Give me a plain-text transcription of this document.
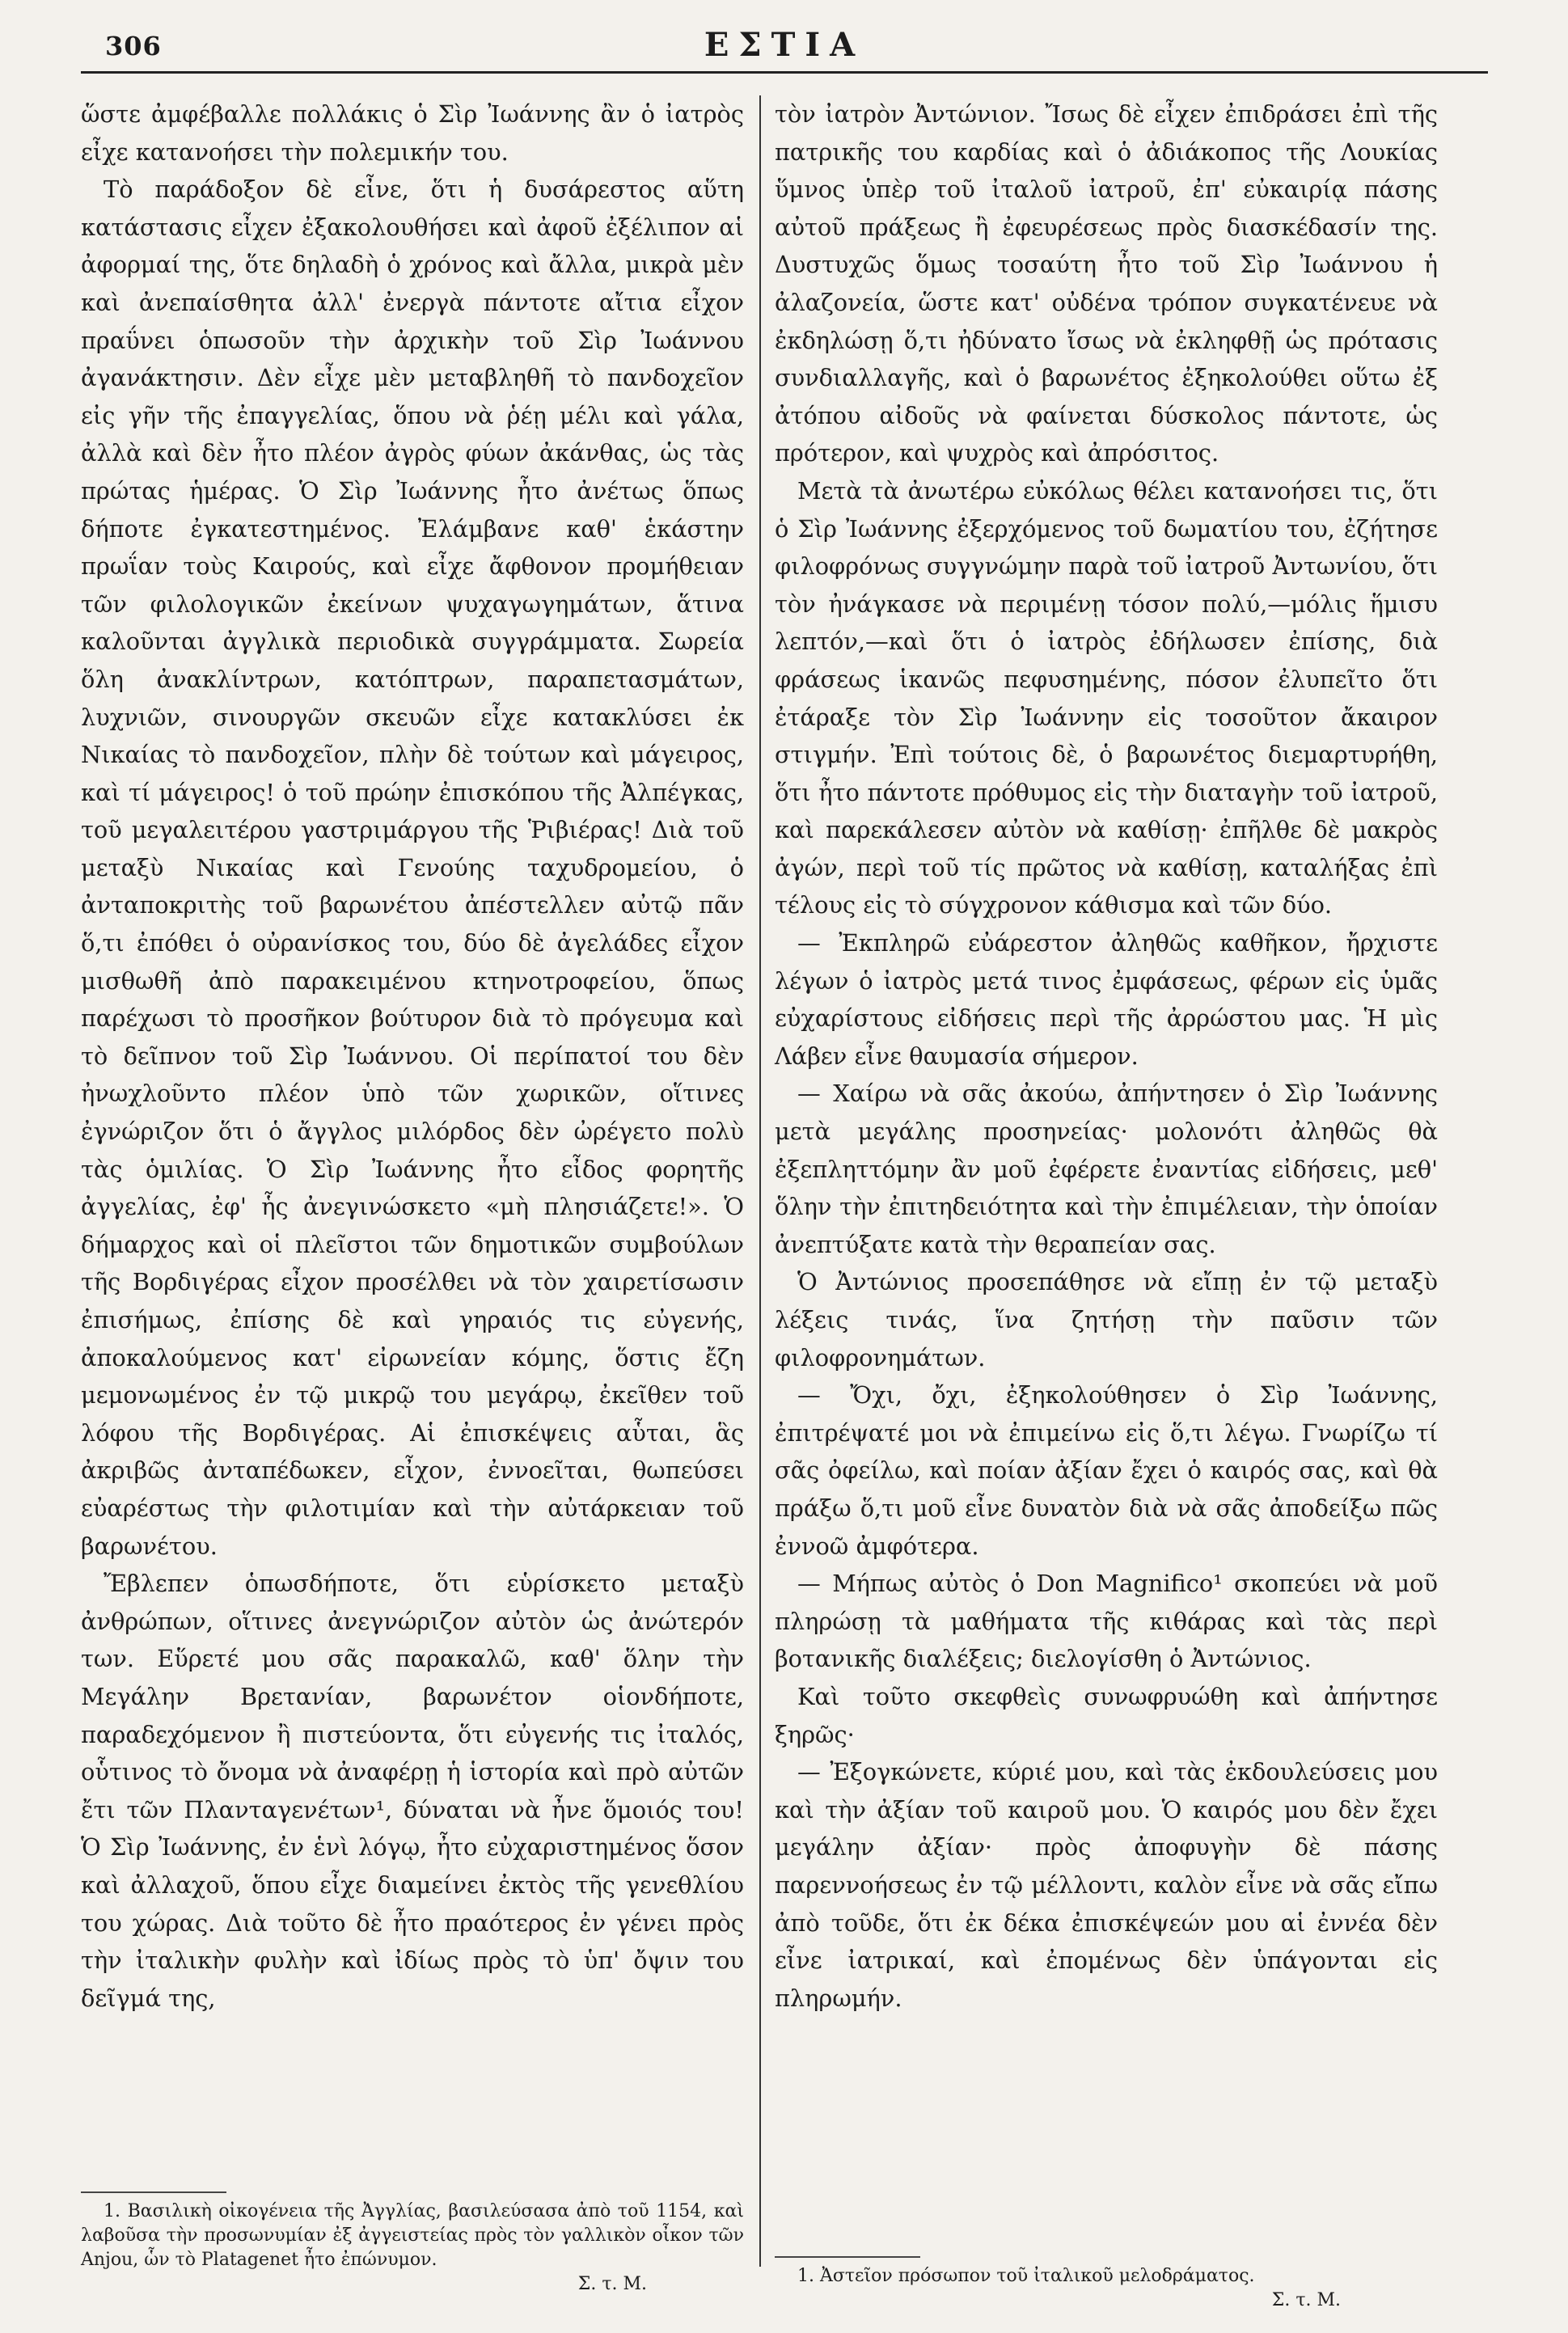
306	ΕΣΤΙΑ

ὥστε ἀμφέβαλλε πολλάκις ὁ Σὶρ Ἰωάννης ἂν ὁ ἰατρὸς εἶχε κατανοήσει τὴν πολεμικήν του.

Τὸ παράδοξον δὲ εἶνε, ὅτι ἡ δυσάρεστος αὕτη κατάστασις εἶχεν ἐξακολουθήσει καὶ ἀφοῦ ἐξέλιπον αἱ ἀφορμαί της, ὅτε δηλαδὴ ὁ χρόνος καὶ ἄλλα, μικρὰ μὲν καὶ ἀνεπαίσθητα ἀλλ' ἐνεργὰ πάντοτε αἴτια εἶχον πραΰνει ὁπωσοῦν τὴν ἀρχικὴν τοῦ Σὶρ Ἰωάννου ἀγανάκτησιν. Δὲν εἶχε μὲν μεταβληθῆ τὸ πανδοχεῖον εἰς γῆν τῆς ἐπαγγελίας, ὅπου νὰ ῥέῃ μέλι καὶ γάλα, ἀλλὰ καὶ δὲν ἦτο πλέον ἀγρὸς φύων ἀκάνθας, ὡς τὰς πρώτας ἡμέρας. Ὁ Σὶρ Ἰωάννης ἦτο ἀνέτως ὅπως δήποτε ἐγκατεστημένος. Ἐλάμβανε καθ' ἑκάστην πρωΐαν τοὺς Καιρούς, καὶ εἶχε ἄφθονον προμήθειαν τῶν φιλολογικῶν ἐκείνων ψυχαγωγημάτων, ἅτινα καλοῦνται ἀγγλικὰ περιοδικὰ συγγράμματα. Σωρεία ὅλη ἀνακλίντρων, κατόπτρων, παραπετασμάτων, λυχνιῶν, σινουργῶν σκευῶν εἶχε κατακλύσει ἐκ Νικαίας τὸ πανδοχεῖον, πλὴν δὲ τούτων καὶ μάγειρος, καὶ τί μάγειρος! ὁ τοῦ πρώην ἐπισκόπου τῆς Ἀλπέγκας, τοῦ μεγαλειτέρου γαστριμάργου τῆς Ῥιβιέρας! Διὰ τοῦ μεταξὺ Νικαίας καὶ Γενούης ταχυδρομείου, ὁ ἀνταποκριτὴς τοῦ βαρωνέτου ἀπέστελλεν αὐτῷ πᾶν ὅ,τι ἐπόθει ὁ οὐρανίσκος του, δύο δὲ ἀγελάδες εἶχον μισθωθῆ ἀπὸ παρακειμένου κτηνοτροφείου, ὅπως παρέχωσι τὸ προσῆκον βούτυρον διὰ τὸ πρόγευμα καὶ τὸ δεῖπνον τοῦ Σὶρ Ἰωάννου. Οἱ περίπατοί του δὲν ἠνωχλοῦντο πλέον ὑπὸ τῶν χωρικῶν, οἵτινες ἐγνώριζον ὅτι ὁ ἄγγλος μιλόρδος δὲν ὠρέγετο πολὺ τὰς ὁμιλίας. Ὁ Σὶρ Ἰωάννης ἦτο εἶδος φορητῆς ἀγγελίας, ἐφ' ἧς ἀνεγινώσκετο «μὴ πλησιάζετε!». Ὁ δήμαρχος καὶ οἱ πλεῖστοι τῶν δημοτικῶν συμβούλων τῆς Βορδιγέρας εἶχον προσέλθει νὰ τὸν χαιρετίσωσιν ἐπισήμως, ἐπίσης δὲ καὶ γηραιός τις εὐγενής, ἀποκαλούμενος κατ' εἰρωνείαν κόμης, ὅστις ἔζη μεμονωμένος ἐν τῷ μικρῷ του μεγάρῳ, ἐκεῖθεν τοῦ λόφου τῆς Βορδιγέρας. Αἱ ἐπισκέψεις αὗται, ἃς ἀκριβῶς ἀνταπέδωκεν, εἶχον, ἐννοεῖται, θωπεύσει εὐαρέστως τὴν φιλοτιμίαν καὶ τὴν αὐτάρκειαν τοῦ βαρωνέτου.

Ἔβλεπεν ὁπωσδήποτε, ὅτι εὑρίσκετο μεταξὺ ἀνθρώπων, οἵτινες ἀνεγνώριζον αὐτὸν ὡς ἀνώτερόν των. Εὕρετέ μου σᾶς παρακαλῶ, καθ' ὅλην τὴν Μεγάλην Βρετανίαν, βαρωνέτον οἱονδήποτε, παραδεχόμενον ἢ πιστεύοντα, ὅτι εὐγενής τις ἰταλός, οὗτινος τὸ ὄνομα νὰ ἀναφέρῃ ἡ ἱστορία καὶ πρὸ αὐτῶν ἔτι τῶν Πλανταγενέτων¹, δύναται νὰ ἦνε ὅμοιός του! Ὁ Σὶρ Ἰωάννης, ἐν ἑνὶ λόγῳ, ἦτο εὐχαριστημένος ὅσον καὶ ἀλλαχοῦ, ὅπου εἶχε διαμείνει ἐκτὸς τῆς γενεθλίου του χώρας. Διὰ τοῦτο δὲ ἦτο πραότερος ἐν γένει πρὸς τὴν ἰταλικὴν φυλὴν καὶ ἰδίως πρὸς τὸ ὑπ' ὄψιν του δεῖγμά της,

τὸν ἰατρὸν Ἀντώνιον. Ἴσως δὲ εἶχεν ἐπιδράσει ἐπὶ τῆς πατρικῆς του καρδίας καὶ ὁ ἀδιάκοπος τῆς Λουκίας ὕμνος ὑπὲρ τοῦ ἰταλοῦ ἰατροῦ, ἐπ' εὐκαιρίᾳ πάσης αὐτοῦ πράξεως ἢ ἐφευρέσεως πρὸς διασκέδασίν της. Δυστυχῶς ὅμως τοσαύτη ἦτο τοῦ Σὶρ Ἰωάννου ἡ ἀλαζονεία, ὥστε κατ' οὐδένα τρόπον συγκατένευε νὰ ἐκδηλώσῃ ὅ,τι ἠδύνατο ἴσως νὰ ἐκληφθῇ ὡς πρότασις συνδιαλλαγῆς, καὶ ὁ βαρωνέτος ἐξηκολούθει οὕτω ἐξ ἀτόπου αἰδοῦς νὰ φαίνεται δύσκολος πάντοτε, ὡς πρότερον, καὶ ψυχρὸς καὶ ἀπρόσιτος.

Μετὰ τὰ ἀνωτέρω εὐκόλως θέλει κατανοήσει τις, ὅτι ὁ Σὶρ Ἰωάννης ἐξερχόμενος τοῦ δωματίου του, ἐζήτησε φιλοφρόνως συγγνώμην παρὰ τοῦ ἰατροῦ Ἀντωνίου, ὅτι τὸν ἠνάγκασε νὰ περιμένῃ τόσον πολύ,—μόλις ἥμισυ λεπτόν,—καὶ ὅτι ὁ ἰατρὸς ἐδήλωσεν ἐπίσης, διὰ φράσεως ἱκανῶς πεφυσημένης, πόσον ἐλυπεῖτο ὅτι ἐτάραξε τὸν Σὶρ Ἰωάννην εἰς τοσοῦτον ἄκαιρον στιγμήν. Ἐπὶ τούτοις δὲ, ὁ βαρωνέτος διεμαρτυρήθη, ὅτι ἦτο πάντοτε πρόθυμος εἰς τὴν διαταγὴν τοῦ ἰατροῦ, καὶ παρεκάλεσεν αὐτὸν νὰ καθίσῃ· ἐπῆλθε δὲ μακρὸς ἀγών, περὶ τοῦ τίς πρῶτος νὰ καθίσῃ, καταλήξας ἐπὶ τέλους εἰς τὸ σύγχρονον κάθισμα καὶ τῶν δύο.

— Ἐκπληρῶ εὐάρεστον ἀληθῶς καθῆκον, ἤρχιστε λέγων ὁ ἰατρὸς μετά τινος ἐμφάσεως, φέρων εἰς ὑμᾶς εὐχαρίστους εἰδήσεις περὶ τῆς ἀρρώστου μας. Ἡ μὶς Λάβεν εἶνε θαυμασία σήμερον.

— Χαίρω νὰ σᾶς ἀκούω, ἀπήντησεν ὁ Σὶρ Ἰωάννης μετὰ μεγάλης προσηνείας· μολονότι ἀληθῶς θὰ ἐξεπληττόμην ἂν μοῦ ἐφέρετε ἐναντίας εἰδήσεις, μεθ' ὅλην τὴν ἐπιτηδειότητα καὶ τὴν ἐπιμέλειαν, τὴν ὁποίαν ἀνεπτύξατε κατὰ τὴν θεραπείαν σας.

Ὁ Ἀντώνιος προσεπάθησε νὰ εἴπῃ ἐν τῷ μεταξὺ λέξεις τινάς, ἵνα ζητήσῃ τὴν παῦσιν τῶν φιλοφρονημάτων.

— Ὄχι, ὄχι, ἐξηκολούθησεν ὁ Σὶρ Ἰωάννης, ἐπιτρέψατέ μοι νὰ ἐπιμείνω εἰς ὅ,τι λέγω. Γνωρίζω τί σᾶς ὀφείλω, καὶ ποίαν ἀξίαν ἔχει ὁ καιρός σας, καὶ θὰ πράξω ὅ,τι μοῦ εἶνε δυνατὸν διὰ νὰ σᾶς ἀποδείξω πῶς ἐννοῶ ἀμφότερα.

— Μήπως αὐτὸς ὁ Don Magnifico¹ σκοπεύει νὰ μοῦ πληρώσῃ τὰ μαθήματα τῆς κιθάρας καὶ τὰς περὶ βοτανικῆς διαλέξεις; διελογίσθη ὁ Ἀντώνιος.

Καὶ τοῦτο σκεφθεὶς συνωφρυώθη καὶ ἀπήντησε ξηρῶς·

— Ἐξογκώνετε, κύριέ μου, καὶ τὰς ἐκδουλεύσεις μου καὶ τὴν ἀξίαν τοῦ καιροῦ μου. Ὁ καιρός μου δὲν ἔχει μεγάλην ἀξίαν· πρὸς ἀποφυγὴν δὲ πάσης παρεννοήσεως ἐν τῷ μέλλοντι, καλὸν εἶνε νὰ σᾶς εἴπω ἀπὸ τοῦδε, ὅτι ἐκ δέκα ἐπισκέψεών μου αἱ ἐννέα δὲν εἶνε ἰατρικαί, καὶ ἐπομένως δὲν ὑπάγονται εἰς πληρωμήν.

1. Βασιλικὴ οἰκογένεια τῆς Ἀγγλίας, βασιλεύσασα ἀπὸ τοῦ 1154, καὶ λαβοῦσα τὴν προσωνυμίαν ἐξ ἀγγειστείας πρὸς τὸν γαλλικὸν οἶκον τῶν Anjou, ὧν τὸ Platagenet ἦτο ἐπώνυμον.
Σ. τ. Μ.	1. Ἀστεῖον πρόσωπον τοῦ ἰταλικοῦ μελοδράματος.
Σ. τ. Μ.
